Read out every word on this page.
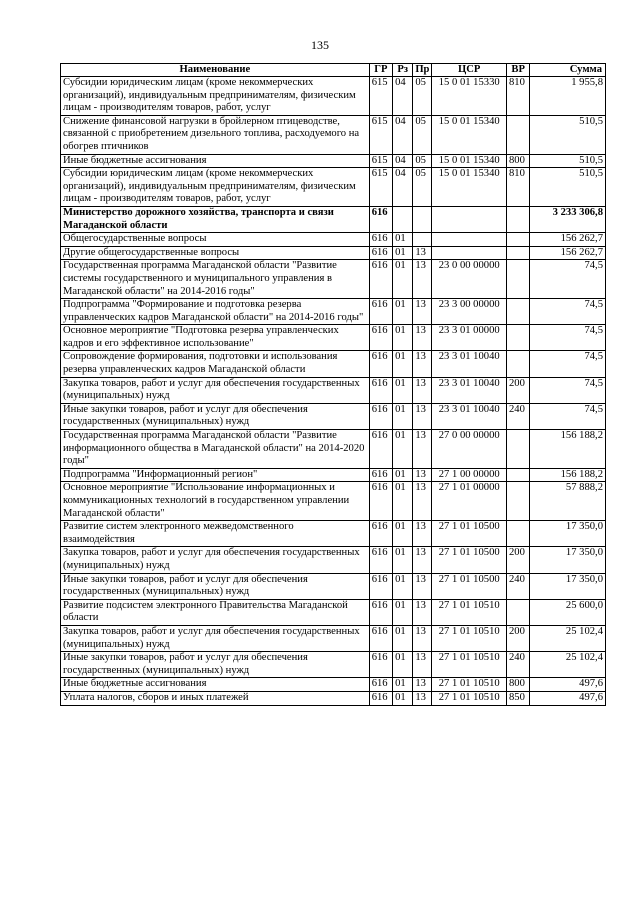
135
Наименование	ГР	Рз	Пр	ЦСР	ВР	Сумма
Субсидии юридическим лицам (кроме некоммерческих организаций), индивидуальным предпринимателям, физическим лицам - производителям товаров, работ, услуг	615	04	05	15 0 01 15330	810	1 955,8
Снижение финансовой нагрузки в бройлерном птицеводстве, связанной с приобретением дизельного топлива, расходуемого на обогрев птичников	615	04	05	15 0 01 15340		510,5
Иные бюджетные ассигнования	615	04	05	15 0 01 15340	800	510,5
Субсидии юридическим лицам (кроме некоммерческих организаций), индивидуальным предпринимателям, физическим лицам - производителям товаров, работ, услуг	615	04	05	15 0 01 15340	810	510,5
Министерство дорожного хозяйства, транспорта и связи Магаданской области	616					3 233 306,8
Общегосударственные вопросы	616	01				156 262,7
Другие общегосударственные вопросы	616	01	13			156 262,7
Государственная программа Магаданской области "Развитие системы государственного и муниципального управления в Магаданской области" на 2014-2016 годы"	616	01	13	23 0 00 00000		74,5
Подпрограмма "Формирование и подготовка резерва управленческих кадров Магаданской области" на 2014-2016 годы"	616	01	13	23 3 00 00000		74,5
Основное мероприятие "Подготовка резерва управленческих кадров и его эффективное использование"	616	01	13	23 3 01 00000		74,5
Сопровождение формирования, подготовки и использования резерва управленческих кадров Магаданской области	616	01	13	23 3 01 10040		74,5
Закупка товаров, работ и услуг для обеспечения государственных (муниципальных) нужд	616	01	13	23 3 01 10040	200	74,5
Иные закупки товаров, работ и услуг для обеспечения государственных (муниципальных) нужд	616	01	13	23 3 01 10040	240	74,5
Государственная программа Магаданской области "Развитие информационного общества в Магаданской области" на 2014-2020 годы"	616	01	13	27 0 00 00000		156 188,2
Подпрограмма "Информационный регион"	616	01	13	27 1 00 00000		156 188,2
Основное мероприятие "Использование информационных и коммуникационных технологий в государственном управлении Магаданской области"	616	01	13	27 1 01 00000		57 888,2
Развитие систем электронного межведомственного взаимодействия	616	01	13	27 1 01 10500		17 350,0
Закупка товаров, работ и услуг для обеспечения государственных (муниципальных) нужд	616	01	13	27 1 01 10500	200	17 350,0
Иные закупки товаров, работ и услуг для обеспечения государственных (муниципальных) нужд	616	01	13	27 1 01 10500	240	17 350,0
Развитие подсистем электронного Правительства Магаданской области	616	01	13	27 1 01 10510		25 600,0
Закупка товаров, работ и услуг для обеспечения государственных (муниципальных) нужд	616	01	13	27 1 01 10510	200	25 102,4
Иные закупки товаров, работ и услуг для обеспечения государственных (муниципальных) нужд	616	01	13	27 1 01 10510	240	25 102,4
Иные бюджетные ассигнования	616	01	13	27 1 01 10510	800	497,6
Уплата налогов, сборов и иных платежей	616	01	13	27 1 01 10510	850	497,6
